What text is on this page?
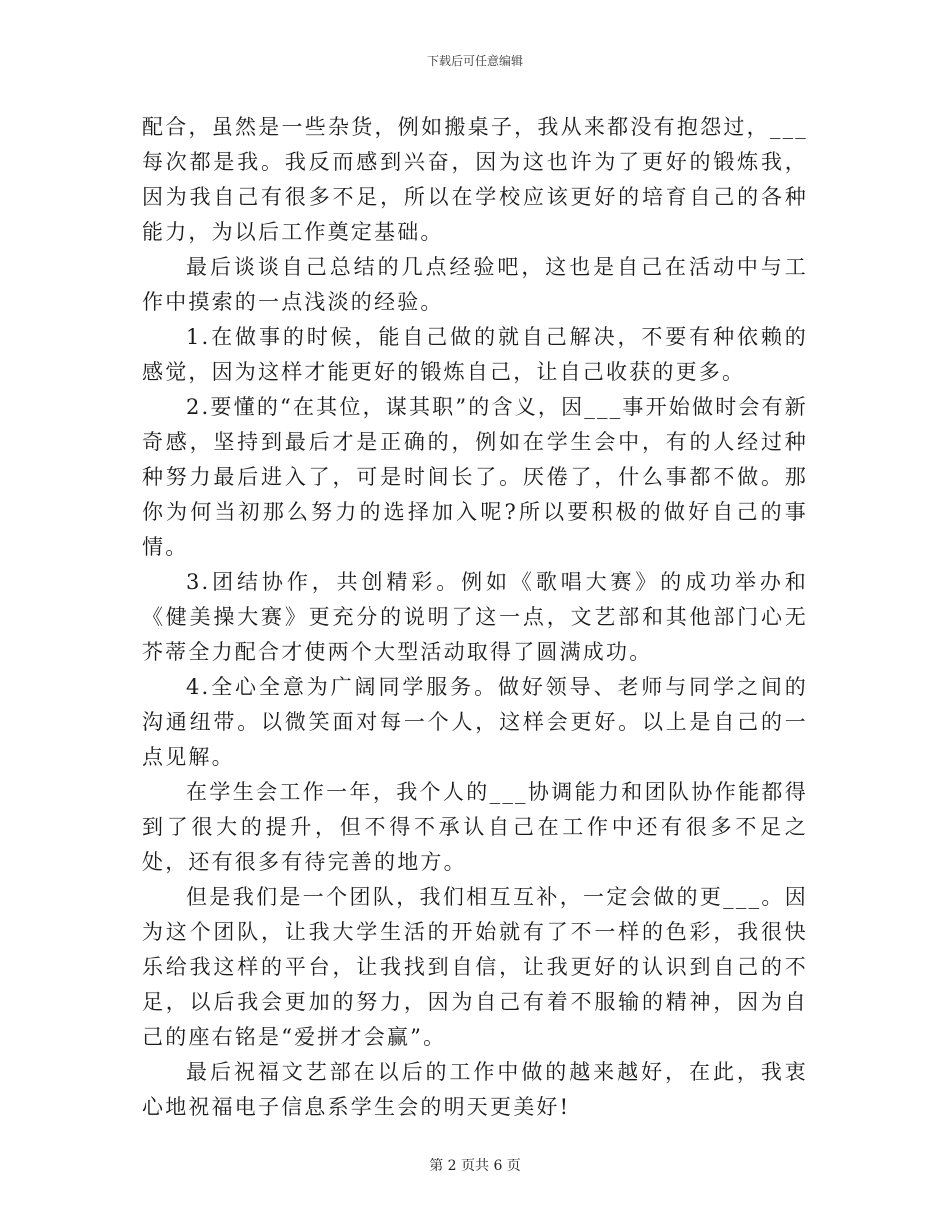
下载后可任意编辑

配合，虽然是一些杂货，例如搬桌子，我从来都没有抱怨过，___每次都是我。我反而感到兴奋，因为这也许为了更好的锻炼我，因为我自己有很多不足，所以在学校应该更好的培育自己的各种能力，为以后工作奠定基础。

最后谈谈自己总结的几点经验吧，这也是自己在活动中与工作中摸索的一点浅淡的经验。

1.在做事的时候，能自己做的就自己解决，不要有种依赖的感觉，因为这样才能更好的锻炼自己，让自己收获的更多。

2.要懂的“在其位，谋其职”的含义，因___事开始做时会有新奇感，坚持到最后才是正确的，例如在学生会中，有的人经过种种努力最后进入了，可是时间长了。厌倦了，什么事都不做。那你为何当初那么努力的选择加入呢?所以要积极的做好自己的事情。

3.团结协作，共创精彩。例如《歌唱大赛》的成功举办和《健美操大赛》更充分的说明了这一点，文艺部和其他部门心无芥蒂全力配合才使两个大型活动取得了圆满成功。

4.全心全意为广阔同学服务。做好领导、老师与同学之间的沟通纽带。以微笑面对每一个人，这样会更好。以上是自己的一点见解。

在学生会工作一年，我个人的___协调能力和团队协作能都得到了很大的提升，但不得不承认自己在工作中还有很多不足之处，还有很多有待完善的地方。

但是我们是一个团队，我们相互互补，一定会做的更___。因为这个团队，让我大学生活的开始就有了不一样的色彩，我很快乐给我这样的平台，让我找到自信，让我更好的认识到自己的不足，以后我会更加的努力，因为自己有着不服输的精神，因为自己的座右铭是“爱拼才会赢”。

最后祝福文艺部在以后的工作中做的越来越好，在此，我衷心地祝福电子信息系学生会的明天更美好!

第 2 页共 6 页
